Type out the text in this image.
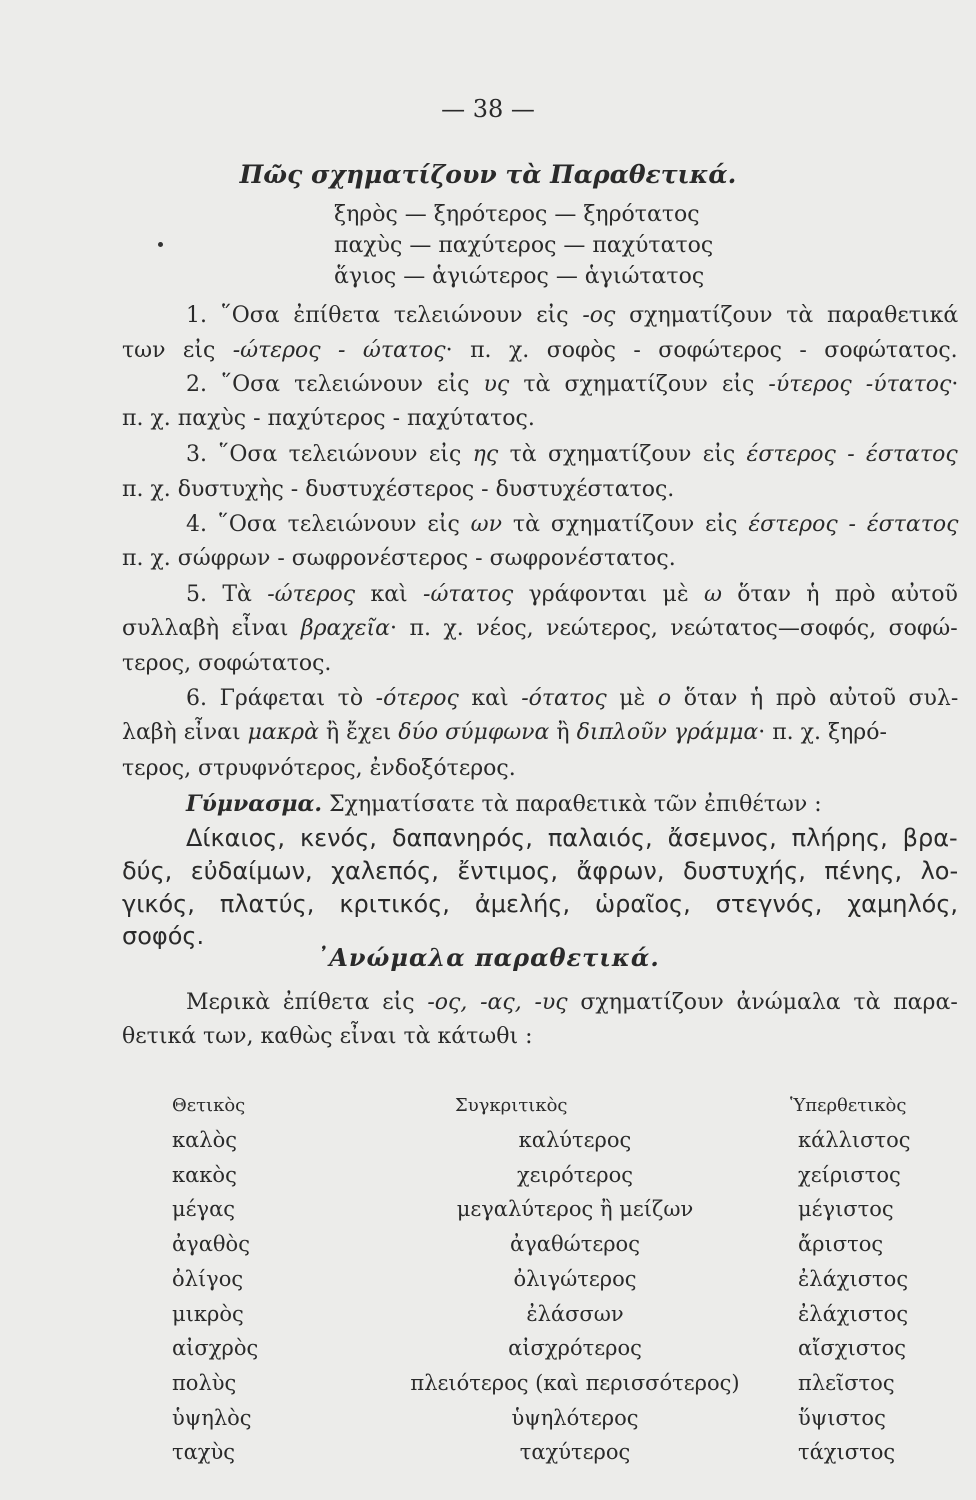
— 38 —
Πῶς σχηματίζουν τὰ Παραθετικά.
ξηρὸς — ξηρότερος — ξηρότατος
παχὺς — παχύτερος — παχύτατος
ἅγιος — ἁγιώτερος — ἁγιώτατος
1. ῞Οσα ἐπίθετα τελειώνουν εἰς -ος σχηματίζουν τὰ παραθετικά
των εἰς -ώτερος - ώτατος· π. χ. σοφὸς - σοφώτερος - σοφώτατος.
2. ῞Οσα τελειώνουν εἰς υς τὰ σχηματίζουν εἰς -ύτερος -ύτατος·
π. χ. παχὺς - παχύτερος - παχύτατος.
3. ῞Οσα τελειώνουν εἰς ης τὰ σχηματίζουν εἰς έστερος - έστατος
π. χ. δυστυχὴς - δυστυχέστερος - δυστυχέστατος.
4. ῞Οσα τελειώνουν εἰς ων τὰ σχηματίζουν εἰς έστερος - έστατος
π. χ. σώφρων - σωφρονέστερος - σωφρονέστατος.
5. Τὰ -ώτερος καὶ -ώτατος γράφονται μὲ ω ὅταν ἡ πρὸ αὐτοῦ
συλλαβὴ εἶναι βραχεῖα· π. χ. νέος, νεώτερος, νεώτατος—σοφός, σοφώ-
τερος, σοφώτατος.
6. Γράφεται τὸ -ότερος καὶ -ότατος μὲ ο ὅταν ἡ πρὸ αὐτοῦ συλ-
λαβὴ εἶναι μακρὰ ἢ ἔχει δύο σύμφωνα ἢ διπλοῦν γράμμα· π. χ. ξηρό-
τερος, στρυφνότερος, ἐνδοξότερος.
Γύμνασμα. Σχηματίσατε τὰ παραθετικὰ τῶν ἐπιθέτων :
Δίκαιος, κενός, δαπανηρός, παλαιός, ἄσεμνος, πλήρης, βρα-
δύς, εὐδαίμων, χαλεπός, ἔντιμος, ἄφρων, δυστυχής, πένης, λο-
γικός, πλατύς, κριτικός, ἀμελής, ὡραῖος, στεγνός, χαμηλός,
σοφός.
᾿Ανώμαλα παραθετικά.
Μερικὰ ἐπίθετα εἰς -ος, -ας, -υς σχηματίζουν ἀνώμαλα τὰ παρα-
θετικά των, καθὼς εἶναι τὰ κάτωθι :
Θετικὸς	Συγκριτικὸς	Ὑπερθετικὸς
καλὸς	καλύτερος	κάλλιστος
κακὸς	χειρότερος	χείριστος
μέγας	μεγαλύτερος ἢ μείζων	μέγιστος
ἀγαθὸς	ἀγαθώτερος	ἄριστος
ὀλίγος	ὀλιγώτερος	ἐλάχιστος
μικρὸς	ἐλάσσων	ἐλάχιστος
αἰσχρὸς	αἰσχρότερος	αἴσχιστος
πολὺς	πλειότερος (καὶ περισσότερος)	πλεῖστος
ὑψηλὸς	ὑψηλότερος	ὕψιστος
ταχὺς	ταχύτερος	τάχιστος
